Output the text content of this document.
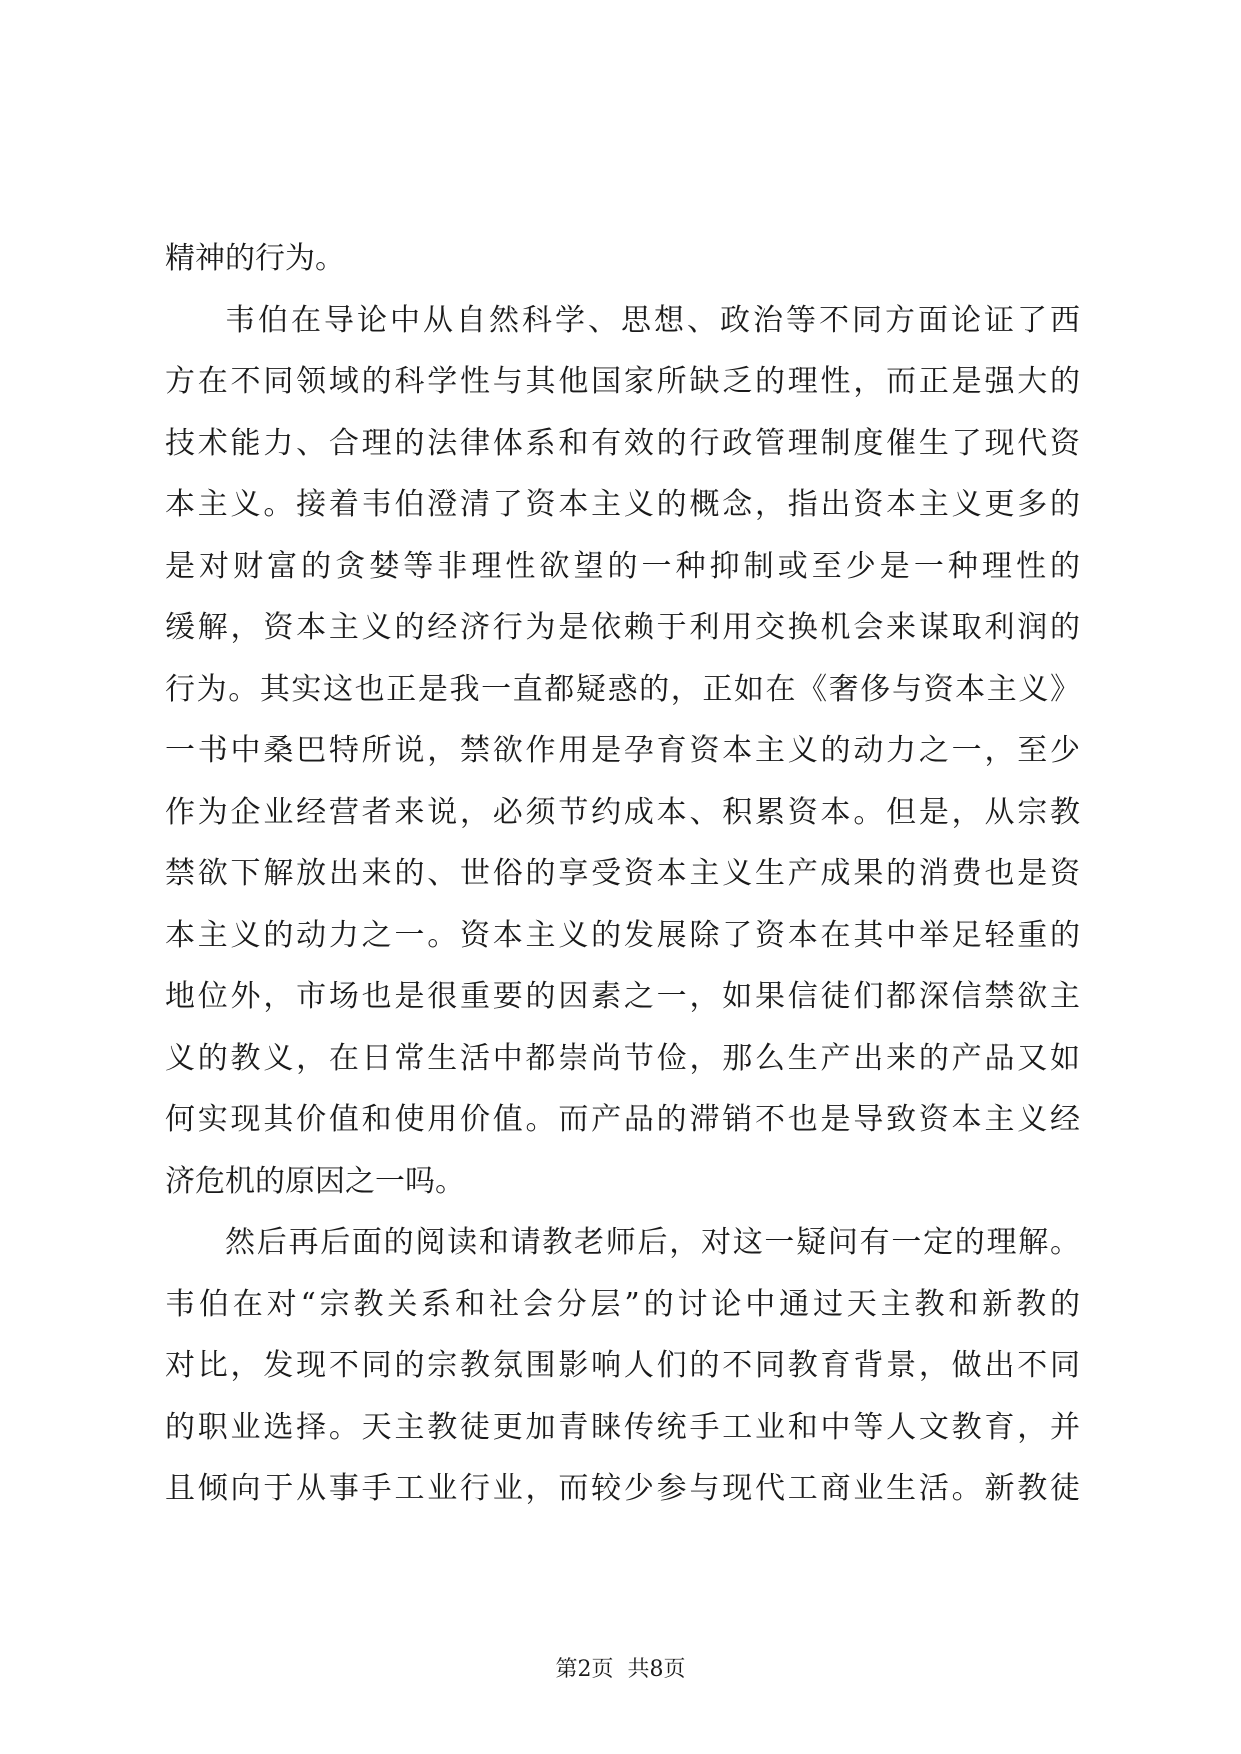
精神的行为。
韦伯在导论中从自然科学、思想、政治等不同方面论证了西
方在不同领域的科学性与其他国家所缺乏的理性，而正是强大的
技术能力、合理的法律体系和有效的行政管理制度催生了现代资
本主义。接着韦伯澄清了资本主义的概念，指出资本主义更多的
是对财富的贪婪等非理性欲望的一种抑制或至少是一种理性的
缓解，资本主义的经济行为是依赖于利用交换机会来谋取利润的
行为。其实这也正是我一直都疑惑的，正如在《奢侈与资本主义》
一书中桑巴特所说，禁欲作用是孕育资本主义的动力之一，至少
作为企业经营者来说，必须节约成本、积累资本。但是，从宗教
禁欲下解放出来的、世俗的享受资本主义生产成果的消费也是资
本主义的动力之一。资本主义的发展除了资本在其中举足轻重的
地位外，市场也是很重要的因素之一，如果信徒们都深信禁欲主
义的教义，在日常生活中都崇尚节俭，那么生产出来的产品又如
何实现其价值和使用价值。而产品的滞销不也是导致资本主义经
济危机的原因之一吗。
然后再后面的阅读和请教老师后，对这一疑问有一定的理解。
韦伯在对“宗教关系和社会分层”的讨论中通过天主教和新教的
对比，发现不同的宗教氛围影响人们的不同教育背景，做出不同
的职业选择。天主教徒更加青睐传统手工业和中等人文教育，并
且倾向于从事手工业行业，而较少参与现代工商业生活。新教徒
第2页 共8页
